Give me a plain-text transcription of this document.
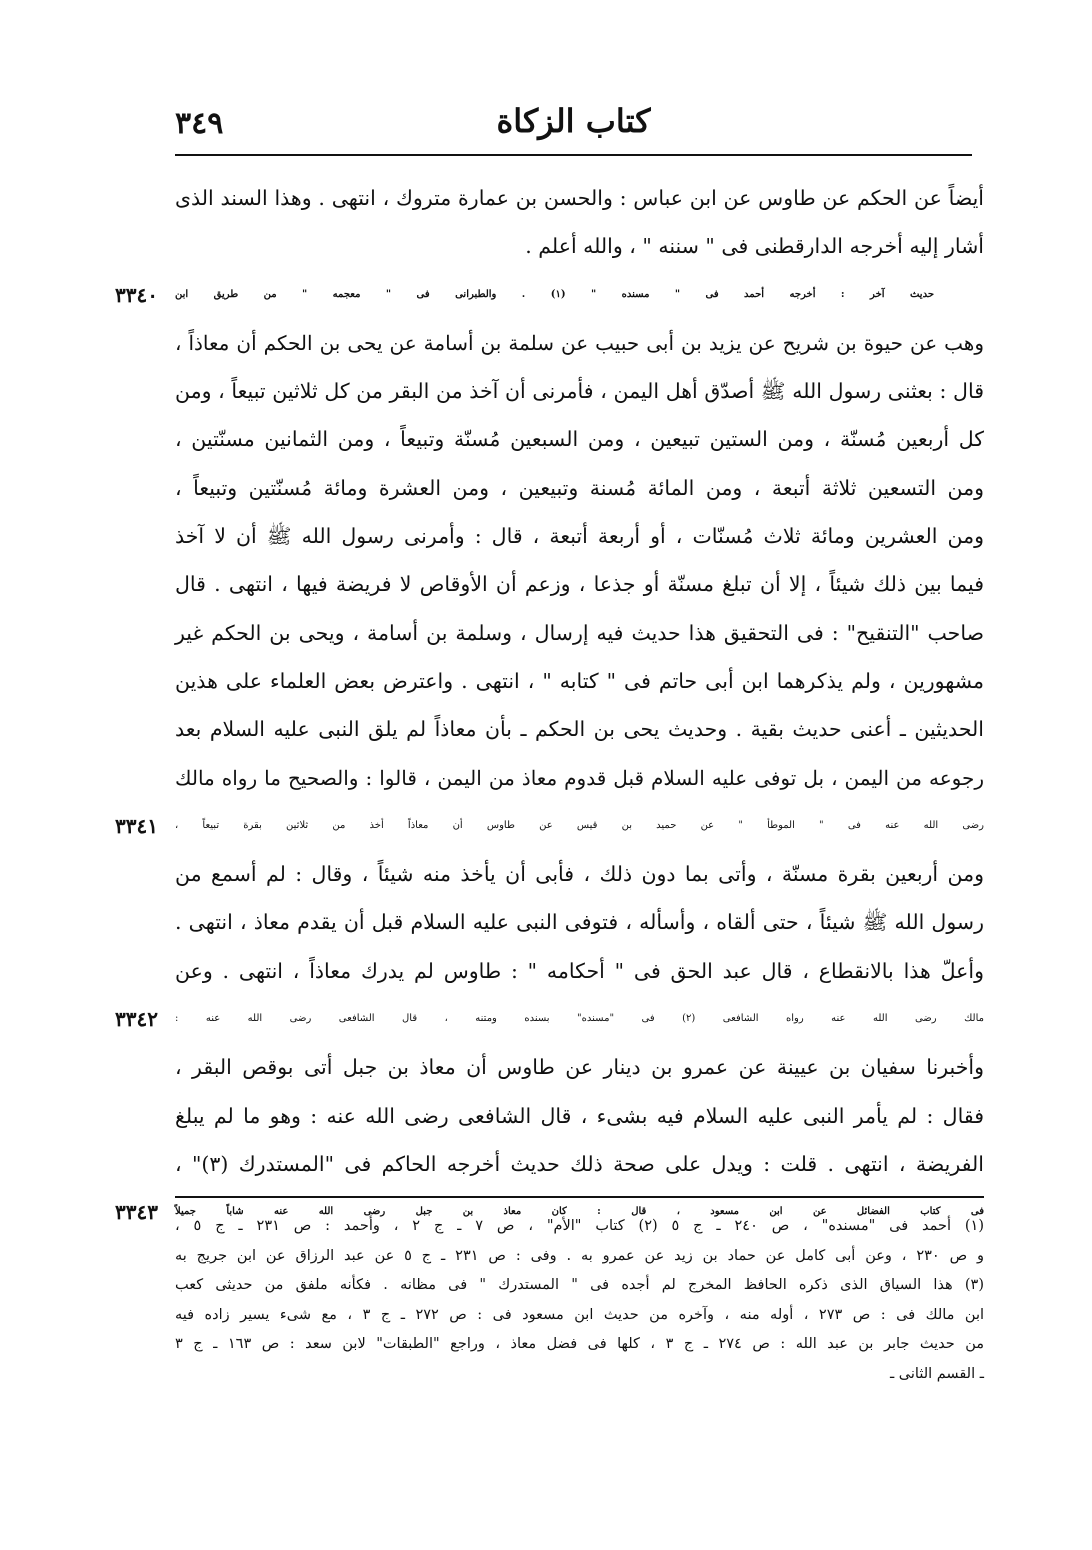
٣٤٩	كتاب الزكاة
أيضاً عن الحكم عن طاوس عن ابن عباس : والحسن بن عمارة متروك ، انتهى . وهذا السند الذى
أشار إليه أخرجه الدارقطنى فى " سننه " ، والله أعلم .
حديث آخر : أخرجه أحمد فى " مسنده " (١) . والطبرانى فى " معجمه " من طريق ابن
٣٣٤٠
وهب عن حيوة بن شريح عن يزيد بن أبى حبيب عن سلمة بن أسامة عن يحى بن الحكم أن معاذاً ،
قال : بعثنى رسول الله ﷺ أصدّق أهل اليمن ، فأمرنى أن آخذ من البقر من كل ثلاثين تبيعاً ، ومن
كل أربعين مُسنّة ، ومن الستين تبيعين ، ومن السبعين مُسنّة وتبيعاً ، ومن الثمانين مسنّتين ،
ومن التسعين ثلاثة أتبعة ، ومن المائة مُسنة وتبيعين ، ومن العشرة ومائة مُسنّتين وتبيعاً ،
ومن العشرين ومائة ثلاث مُسنّات ، أو أربعة أتبعة ، قال : وأمرنى رسول الله ﷺ أن لا آخذ
فيما بين ذلك شيئاً ، إلا أن تبلغ مسنّة أو جذعا ، وزعم أن الأوقاص لا فريضة فيها ، انتهى . قال
صاحب "التنقيح" : فى التحقيق هذا حديث فيه إرسال ، وسلمة بن أسامة ، ويحى بن الحكم غير
مشهورين ، ولم يذكرهما ابن أبى حاتم فى " كتابه " ، انتهى . واعترض بعض العلماء على هذين
الحديثين ـ أعنى حديث بقية . وحديث يحى بن الحكم ـ بأن معاذاً لم يلق النبى عليه السلام بعد
رجوعه من اليمن ، بل توفى عليه السلام قبل قدوم معاذ من اليمن ، قالوا : والصحيح ما رواه مالك
رضى الله عنه فى " الموطأ " عن حميد بن قيس عن طاوس أن معاذاً أخذ من ثلاثين بقرة تبيعاً ،
٣٣٤١
ومن أربعين بقرة مسنّة ، وأتى بما دون ذلك ، فأبى أن يأخذ منه شيئاً ، وقال : لم أسمع من
رسول الله ﷺ شيئاً ، حتى ألقاه ، وأسأله ، فتوفى النبى عليه السلام قبل أن يقدم معاذ ، انتهى .
وأعلّ هذا بالانقطاع ، قال عبد الحق فى " أحكامه " : طاوس لم يدرك معاذاً ، انتهى . وعن
مالك رضى الله عنه رواه الشافعى (٢) فى "مسنده" بسنده ومتنه ، قال الشافعى رضى الله عنه :
٣٣٤٢
وأخبرنا سفيان بن عيينة عن عمرو بن دينار عن طاوس أن معاذ بن جبل أتى بوقص البقر ،
فقال : لم يأمر النبى عليه السلام فيه بشىء ، قال الشافعى رضى الله عنه : وهو ما لم يبلغ
الفريضة ، انتهى . قلت : ويدل على صحة ذلك حديث أخرجه الحاكم فى "المستدرك (٣)" ،
فى كتاب الفضائل عن ابن مسعود ، قال : كان معاذ بن جبل رضى الله عنه شاباً جميلاً
٣٣٤٣
(١) أحمد فى "مسنده" ، ص ٢٤٠ ـ ج ٥ (٢) كتاب "الأم" ، ص ٧ ـ ج ٢ ، وأحمد : ص ٢٣١ ـ ج ٥ ،
و ص ٢٣٠ ، وعن أبى كامل عن حماد بن زيد عن عمرو به . وفى : ص ٢٣١ ـ ج ٥ عن عبد الرزاق عن ابن جريج به
(٣) هذا السياق الذى ذكره الحافظ المخرج لم أجده فى " المستدرك " فى مظانه . فكأنه ملفق من حديثى كعب
ابن مالك فى : ص ٢٧٣ ، أوله منه ، وآخره من حديث ابن مسعود فى : ص ٢٧٢ ـ ج ٣ ، مع شىء يسير زاده فيه
من حديث جابر بن عبد الله : ص ٢٧٤ ـ ج ٣ ، كلها فى فضل معاذ ، وراجع "الطبقات" لابن سعد : ص ١٦٣ ـ ج ٣
ـ القسم الثانى ـ
